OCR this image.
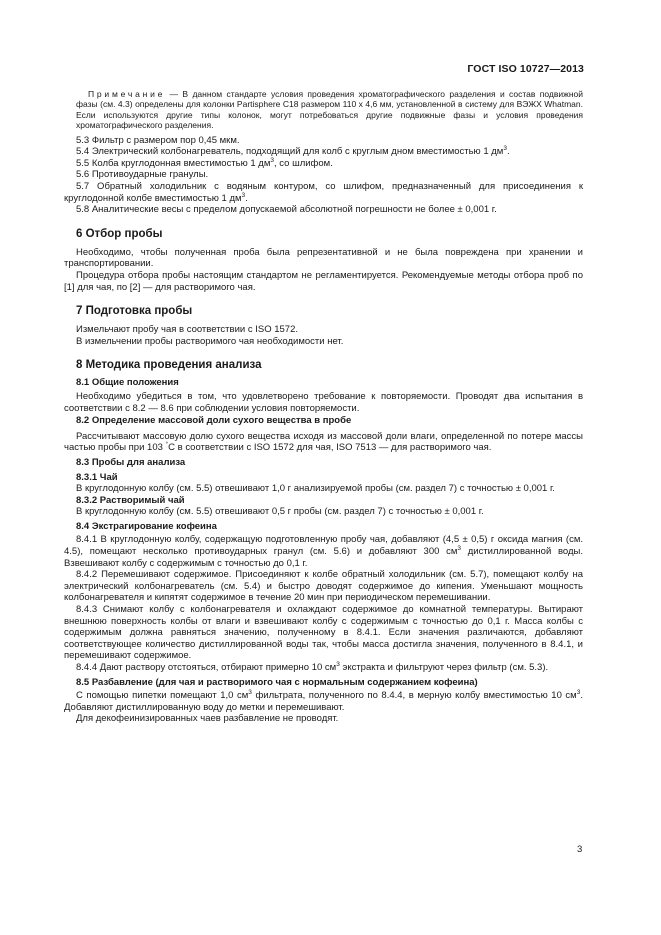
ГОСТ ISO 10727—2013

Примечание — В данном стандарте условия проведения хроматографического разделения и состав подвижной фазы (см. 4.3) определены для колонки Partisphere C18 размером 110 x 4,6 мм, установленной в систему для ВЭЖХ Whatman. Если используются другие типы колонок, могут потребоваться другие подвижные фазы и условия проведения хроматографического разделения.

5.3 Фильтр с размером пор 0,45 мкм.

5.4 Электрический колбонагреватель, подходящий для колб с круглым дном вместимостью 1 $дм^3$.

5.5 Колба круглодонная вместимостью 1 $дм^3$, со шлифом.

5.6 Противоударные гранулы.

5.7 Обратный холодильник с водяным контуром, со шлифом, предназначенный для присоединения к круглодонной колбе вместимостью 1 $дм^3$.

5.8 Аналитические весы с пределом допускаемой абсолютной погрешности не более ± 0,001 г.

6 Отбор пробы

Необходимо, чтобы полученная проба была репрезентативной и не была повреждена при хранении и транспортировании.

Процедура отбора пробы настоящим стандартом не регламентируется. Рекомендуемые методы отбора проб по [1] для чая, по [2] — для растворимого чая.

7 Подготовка пробы

Измельчают пробу чая в соответствии с ISO 1572.

В измельчении пробы растворимого чая необходимости нет.

8 Методика проведения анализа
8.1 Общие положения

Необходимо убедиться в том, что удовлетворено требование к повторяемости. Проводят два испытания в соответствии с 8.2 — 8.6 при соблюдении условия повторяемости.

8.2 Определение массовой доли сухого вещества в пробе

Рассчитывают массовую долю сухого вещества исходя из массовой доли влаги, определенной по потере массы частью пробы при 103 °С в соответствии с ISO 1572 для чая, ISO 7513 — для растворимого чая.

8.3 Пробы для анализа
8.3.1 Чай

В круглодонную колбу (см. 5.5) отвешивают 1,0 г анализируемой пробы (см. раздел 7) с точностью ± 0,001 г.

8.3.2 Растворимый чай

В круглодонную колбу (см. 5.5) отвешивают 0,5 г пробы (см. раздел 7) с точностью ± 0,001 г.

8.4 Экстрагирование кофеина

8.4.1 В круглодонную колбу, содержащую подготовленную пробу чая, добавляют (4,5 ± 0,5) г оксида магния (см. 4.5), помещают несколько противоударных гранул (см. 5.6) и добавляют 300 $см^3$ дистиллированной воды. Взвешивают колбу с содержимым с точностью до 0,1 г.

8.4.2 Перемешивают содержимое. Присоединяют к колбе обратный холодильник (см. 5.7), помещают колбу на электрический колбонагреватель (см. 5.4) и быстро доводят содержимое до кипения. Уменьшают мощность колбонагревателя и кипятят содержимое в течение 20 мин при периодическом перемешивании.

8.4.3 Снимают колбу с колбонагревателя и охлаждают содержимое до комнатной температуры. Вытирают внешнюю поверхность колбы от влаги и взвешивают колбу с содержимым с точностью до 0,1 г. Масса колбы с содержимым должна равняться значению, полученному в 8.4.1. Если значения различаются, добавляют соответствующее количество дистиллированной воды так, чтобы масса достигла значения, полученного в 8.4.1, и перемешивают содержимое.

8.4.4 Дают раствору отстояться, отбирают примерно 10 $см^3$ экстракта и фильтруют через фильтр (см. 5.3).

8.5 Разбавление (для чая и растворимого чая с нормальным содержанием кофеина)

С помощью пипетки помещают 1,0 $см^3$ фильтрата, полученного по 8.4.4, в мерную колбу вместимостью 10 $см^3$. Добавляют дистиллированную воду до метки и перемешивают.

Для декофеинизированных чаев разбавление не проводят.

3
